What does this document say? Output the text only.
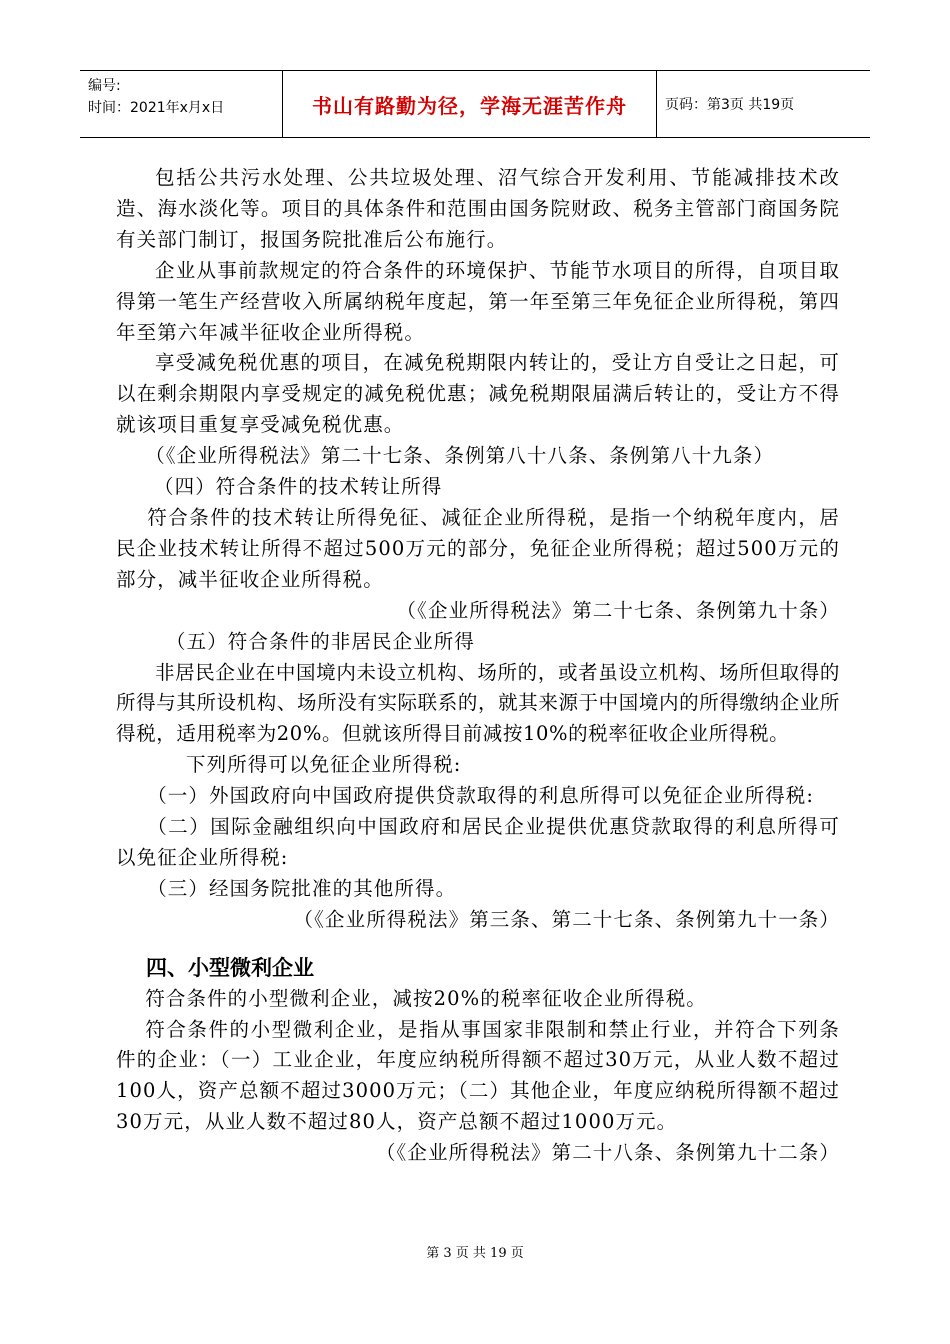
编号:
时间：2021年x月x日	书山有路勤为径，学海无涯苦作舟	页码：第3页 共19页

包括公共污水处理、公共垃圾处理、沼气综合开发利用、节能减排技术改造、海水淡化等。项目的具体条件和范围由国务院财政、税务主管部门商国务院有关部门制订，报国务院批准后公布施行。

企业从事前款规定的符合条件的环境保护、节能节水项目的所得，自项目取得第一笔生产经营收入所属纳税年度起，第一年至第三年免征企业所得税，第四年至第六年减半征收企业所得税。

享受减免税优惠的项目，在减免税期限内转让的，受让方自受让之日起，可以在剩余期限内享受规定的减免税优惠；减免税期限届满后转让的，受让方不得就该项目重复享受减免税优惠。

（《企业所得税法》第二十七条、条例第八十八条、条例第八十九条）

（四）符合条件的技术转让所得

符合条件的技术转让所得免征、减征企业所得税，是指一个纳税年度内，居民企业技术转让所得不超过500万元的部分，免征企业所得税；超过500万元的部分，减半征收企业所得税。

（《企业所得税法》第二十七条、条例第九十条）

（五）符合条件的非居民企业所得

非居民企业在中国境内未设立机构、场所的，或者虽设立机构、场所但取得的所得与其所设机构、场所没有实际联系的，就其来源于中国境内的所得缴纳企业所得税，适用税率为20%。但就该所得目前减按10%的税率征收企业所得税。

下列所得可以免征企业所得税:

（一）外国政府向中国政府提供贷款取得的利息所得可以免征企业所得税:

（二）国际金融组织向中国政府和居民企业提供优惠贷款取得的利息所得可以免征企业所得税:

（三）经国务院批准的其他所得。

（《企业所得税法》第三条、第二十七条、条例第九十一条）

四、小型微利企业

符合条件的小型微利企业，减按20%的税率征收企业所得税。

符合条件的小型微利企业，是指从事国家非限制和禁止行业，并符合下列条件的企业：（一）工业企业，年度应纳税所得额不超过30万元，从业人数不超过100人，资产总额不超过3000万元；（二）其他企业，年度应纳税所得额不超过30万元，从业人数不超过80人，资产总额不超过1000万元。

（《企业所得税法》第二十八条、条例第九十二条）

第 3 页 共 19 页
